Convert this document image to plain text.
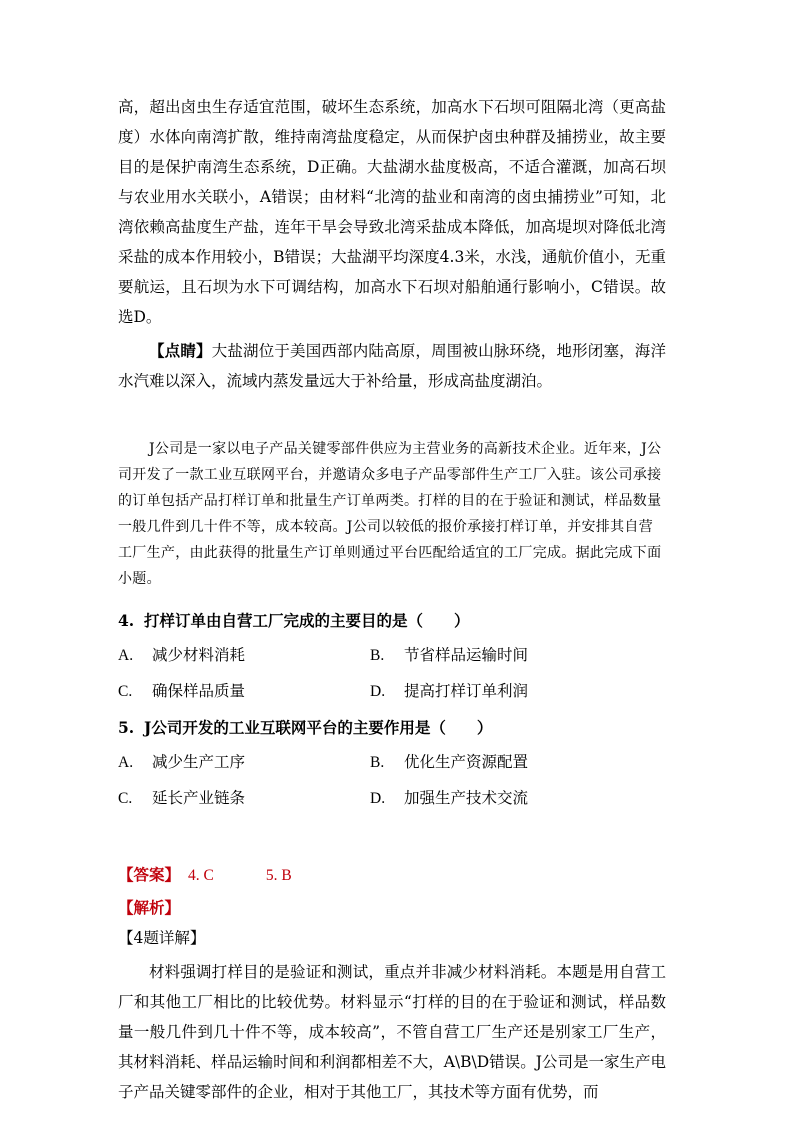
高，超出卤虫生存适宜范围，破坏生态系统，加高水下石坝可阻隔北湾（更高盐度）水体向南湾扩散，维持南湾盐度稳定，从而保护卤虫种群及捕捞业，故主要目的是保护南湾生态系统，D正确。大盐湖水盐度极高，不适合灌溉，加高石坝与农业用水关联小，A错误；由材料“北湾的盐业和南湾的卤虫捕捞业”可知，北湾依赖高盐度生产盐，连年干旱会导致北湾采盐成本降低，加高堤坝对降低北湾采盐的成本作用较小，B错误；大盐湖平均深度4.3米，水浅，通航价值小，无重要航运，且石坝为水下可调结构，加高水下石坝对船舶通行影响小，C错误。故选D。

【点睛】大盐湖位于美国西部内陆高原，周围被山脉环绕，地形闭塞，海洋水汽难以深入，流域内蒸发量远大于补给量，形成高盐度湖泊。

J公司是一家以电子产品关键零部件供应为主营业务的高新技术企业。近年来，J公司开发了一款工业互联网平台，并邀请众多电子产品零部件生产工厂入驻。该公司承接的订单包括产品打样订单和批量生产订单两类。打样的目的在于验证和测试，样品数量一般几件到几十件不等，成本较高。J公司以较低的报价承接打样订单，并安排其自营工厂生产，由此获得的批量生产订单则通过平台匹配给适宜的工厂完成。据此完成下面小题。

4. 打样订单由自营工厂完成的主要目的是（　　）
A. 减少材料消耗	B. 节省样品运输时间
C. 确保样品质量	D. 提高打样订单利润
5. J公司开发的工业互联网平台的主要作用是（　　）
A. 减少生产工序	B. 优化生产资源配置
C. 延长产业链条	D. 加强生产技术交流
【答案】 4. C	5. B
【解析】
【4题详解】

材料强调打样目的是验证和测试，重点并非减少材料消耗。本题是用自营工厂和其他工厂相比的比较优势。材料显示“打样的目的在于验证和测试，样品数量一般几件到几十件不等，成本较高”，不管自营工厂生产还是别家工厂生产，其材料消耗、样品运输时间和利润都相差不大，A\B\D错误。J公司是一家生产电子产品关键零部件的企业，相对于其他工厂，其技术等方面有优势，而
